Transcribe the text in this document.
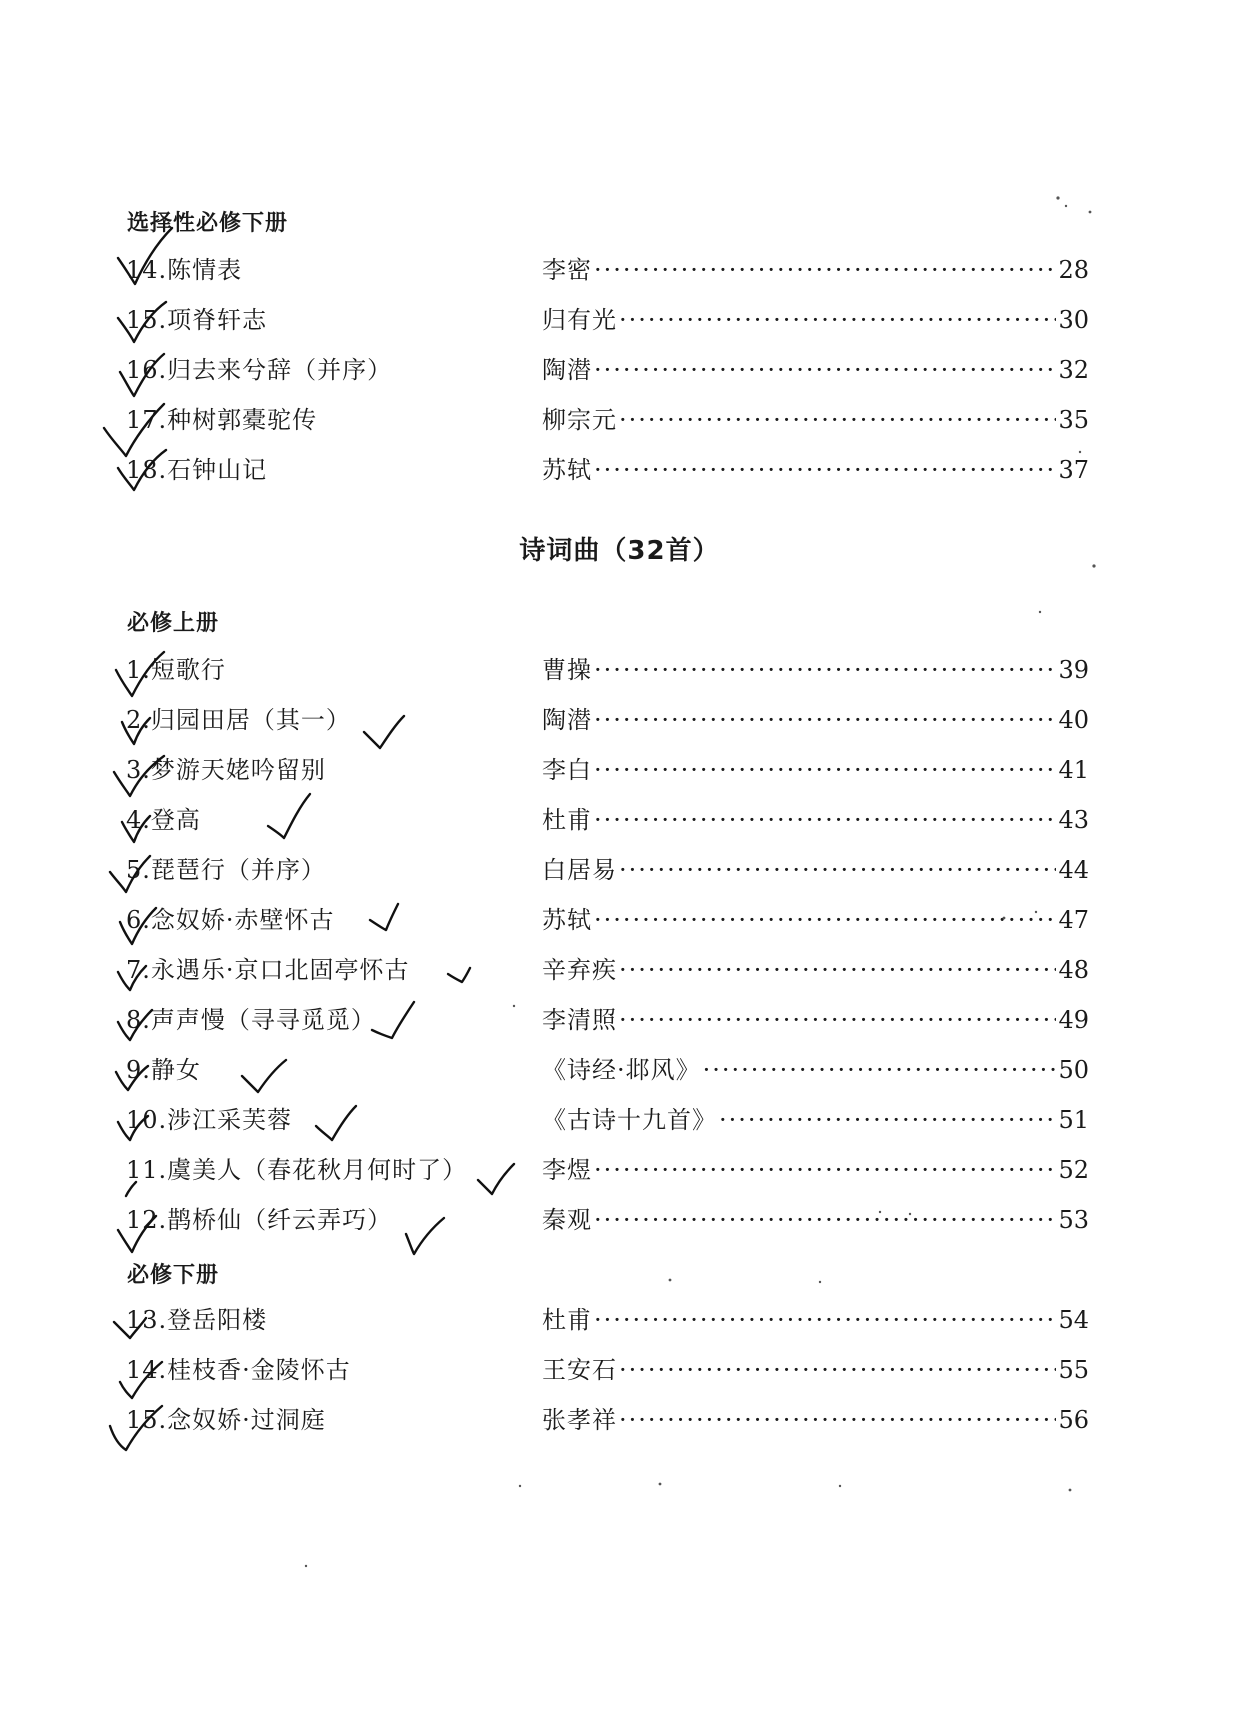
选择性必修下册
14.陈情表	李密 ·····	28
15.项脊轩志	归有光 ·····	30
16.归去来兮辞（并序）	陶潜 ·····	32
17.种树郭橐驼传	柳宗元 ·····	35
18.石钟山记	苏轼 ·····	37
诗词曲（32首）
必修上册
1.短歌行	曹操 ·····	39
2.归园田居（其一）	陶潜 ·····	40
3.梦游天姥吟留别	李白 ·····	41
4.登高	杜甫 ·····	43
5.琵琶行（并序）	白居易 ·····	44
6.念奴娇·赤壁怀古	苏轼 ·····	47
7.永遇乐·京口北固亭怀古	辛弃疾 ·····	48
8.声声慢（寻寻觅觅）	李清照 ·····	49
9.静女	《诗经·邶风》 ·····	50
10.涉江采芙蓉	《古诗十九首》 ·····	51
11.虞美人（春花秋月何时了）	李煜 ·····	52
12.鹊桥仙（纤云弄巧）	秦观 ·····	53
必修下册
13.登岳阳楼	杜甫 ·····	54
14.桂枝香·金陵怀古	王安石 ·····	55
15.念奴娇·过洞庭	张孝祥 ·····	56
